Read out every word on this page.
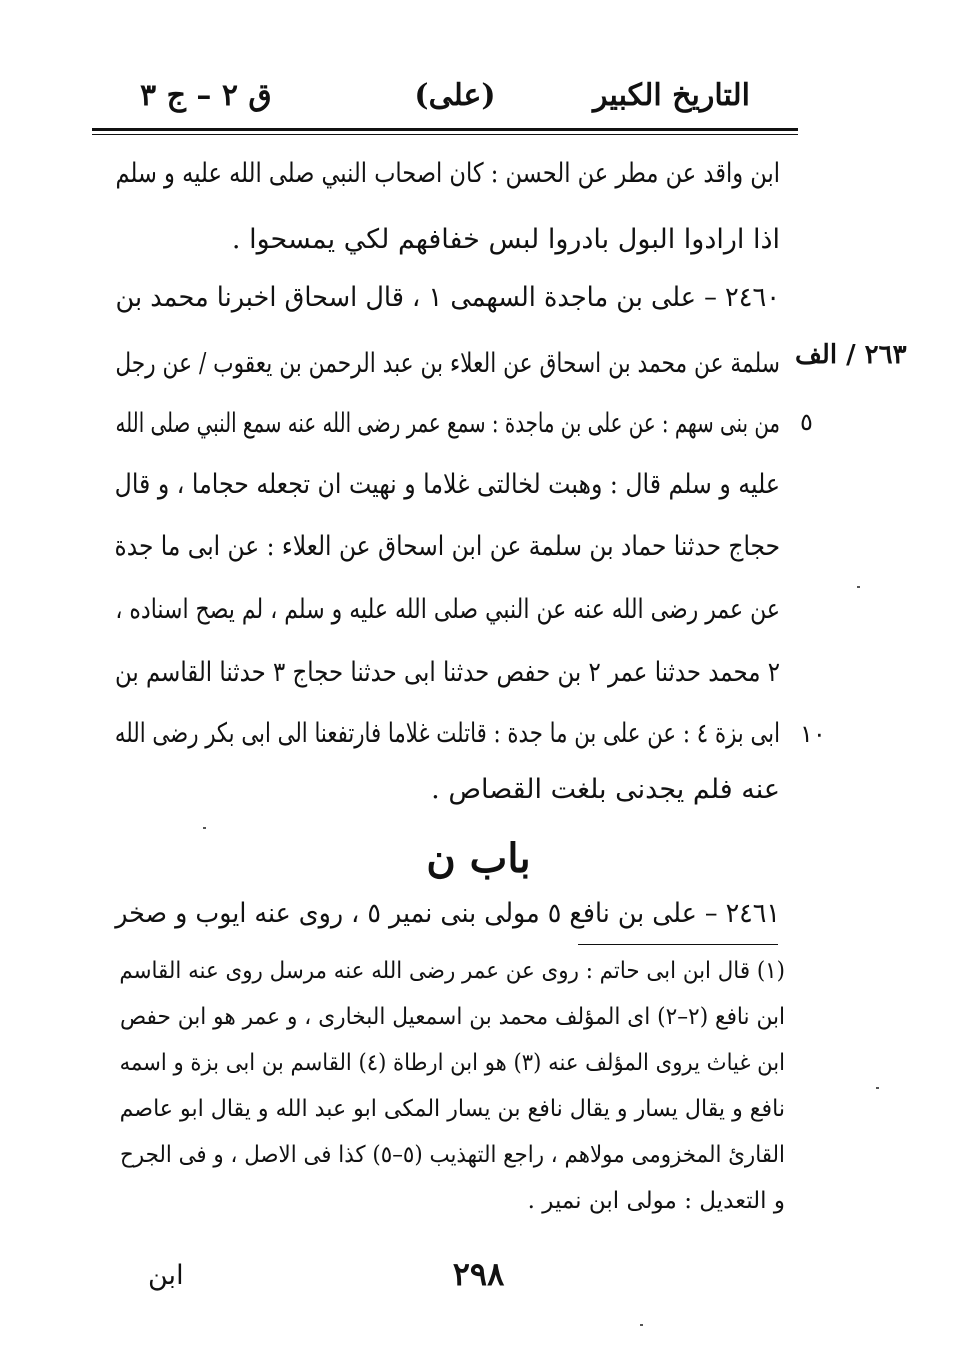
التاريخ الكبير
(على)
ق ٢ – ج ٣
ابن واقد عن مطر عن الحسن : كان اصحاب النبي صلى الله عليه و سلم
اذا ارادوا البول بادروا لبس خفافهم لكي يمسحوا .
٢٤٦٠ – على بن ماجدة السهمى ١ ، قال اسحاق اخبرنا محمد بن
سلمة عن محمد بن اسحاق عن العلاء بن عبد الرحمن بن يعقوب / عن رجل
من بنى سهم : عن على بن ماجدة : سمع عمر رضى الله عنه سمع النبي صلى الله
عليه و سلم قال : وهبت لخالتى غلاما و نهيت ان تجعله حجاما ، و قال
حجاج حدثنا حماد بن سلمة عن ابن اسحاق عن العلاء : عن ابى ما جدة
عن عمر رضى الله عنه عن النبي صلى الله عليه و سلم ، لم يصح اسناده ،
٢ محمد حدثنا عمر ٢ بن حفص حدثنا ابى حدثنا حجاج ٣ حدثنا القاسم بن
ابى بزة ٤ : عن على بن ما جدة : قاتلت غلاما فارتفعنا الى ابى بكر رضى الله
عنه فلم يجدنى بلغت القصاص .
٢٦٣ / الف
٥
١٠
باب ن
٢٤٦١ – على بن نافع ٥ مولى بنى نمير ٥ ، روى عنه ايوب و صخر
(١) قال ابن ابى حاتم : روى عن عمر رضى الله عنه مرسل روى عنه القاسم
ابن نافع (٢–٢) اى المؤلف محمد بن اسمعيل البخارى ، و عمر هو ابن حفص
ابن غياث يروى المؤلف عنه (٣) هو ابن ارطاة (٤) القاسم بن ابى بزة و اسمه
نافع و يقال يسار و يقال نافع بن يسار المكى ابو عبد الله و يقال ابو عاصم
القارئ المخزومى مولاهم ، راجع التهذيب (٥–٥) كذا فى الاصل ، و فى الجرح
و التعديل : مولى ابن نمير .
٢٩٨
ابن
